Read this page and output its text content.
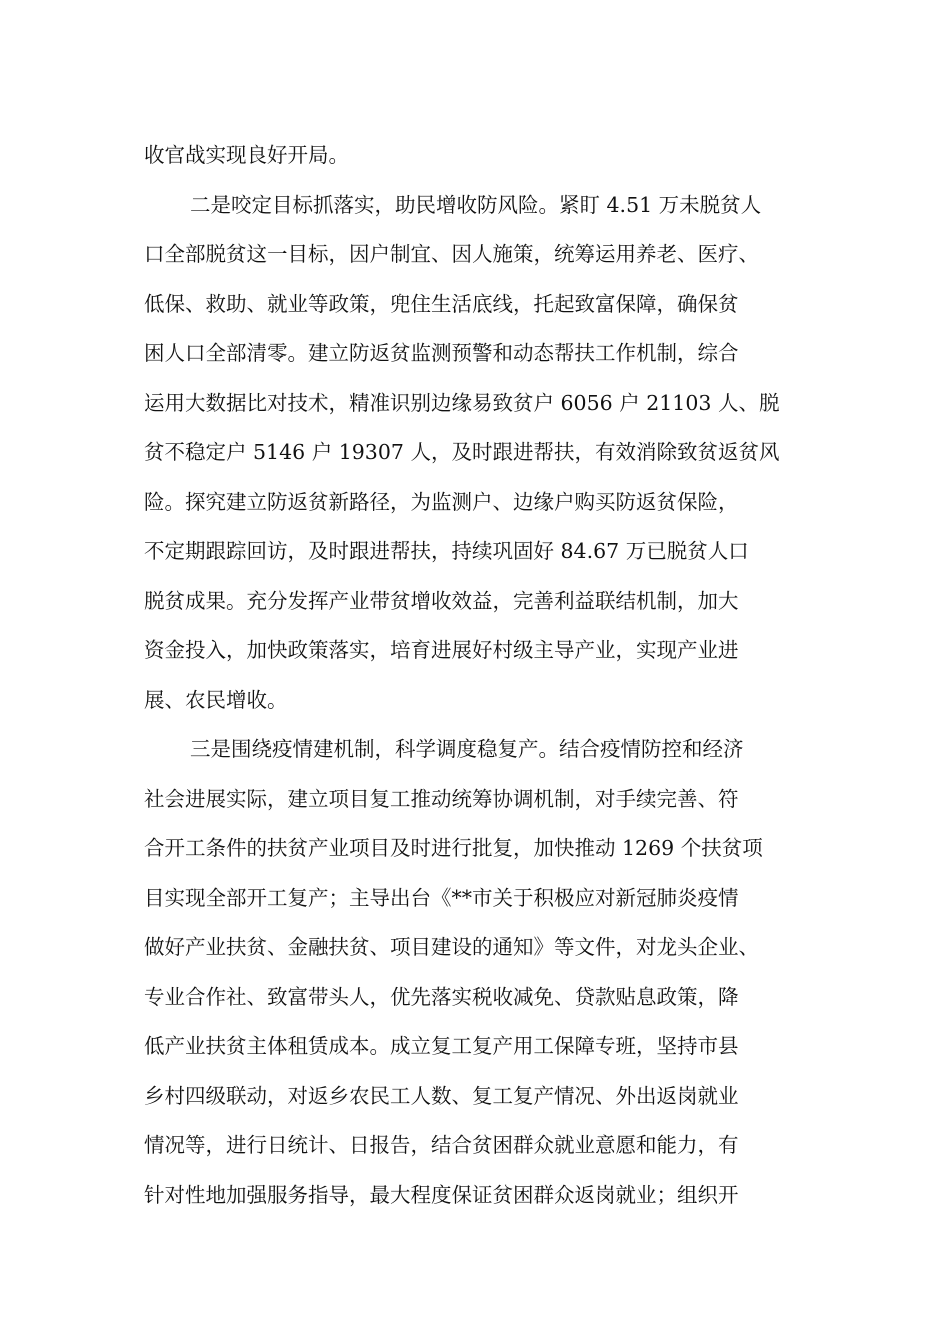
收官战实现良好开局。
二是咬定目标抓落实，助民增收防风险。紧盯 4.51 万未脱贫人
口全部脱贫这一目标，因户制宜、因人施策，统筹运用养老、医疗、
低保、救助、就业等政策，兜住生活底线，托起致富保障，确保贫
困人口全部清零。建立防返贫监测预警和动态帮扶工作机制，综合
运用大数据比对技术，精准识别边缘易致贫户 6056 户 21103 人、脱
贫不稳定户 5146 户 19307 人，及时跟进帮扶，有效消除致贫返贫风
险。探究建立防返贫新路径，为监测户、边缘户购买防返贫保险，
不定期跟踪回访，及时跟进帮扶，持续巩固好 84.67 万已脱贫人口
脱贫成果。充分发挥产业带贫增收效益，完善利益联结机制，加大
资金投入，加快政策落实，培育进展好村级主导产业，实现产业进
展、农民增收。
三是围绕疫情建机制，科学调度稳复产。结合疫情防控和经济
社会进展实际，建立项目复工推动统筹协调机制，对手续完善、符
合开工条件的扶贫产业项目及时进行批复，加快推动 1269 个扶贫项
目实现全部开工复产；主导出台《**市关于积极应对新冠肺炎疫情
做好产业扶贫、金融扶贫、项目建设的通知》等文件，对龙头企业、
专业合作社、致富带头人，优先落实税收减免、贷款贴息政策，降
低产业扶贫主体租赁成本。成立复工复产用工保障专班，坚持市县
乡村四级联动，对返乡农民工人数、复工复产情况、外出返岗就业
情况等，进行日统计、日报告，结合贫困群众就业意愿和能力，有
针对性地加强服务指导，最大程度保证贫困群众返岗就业；组织开
